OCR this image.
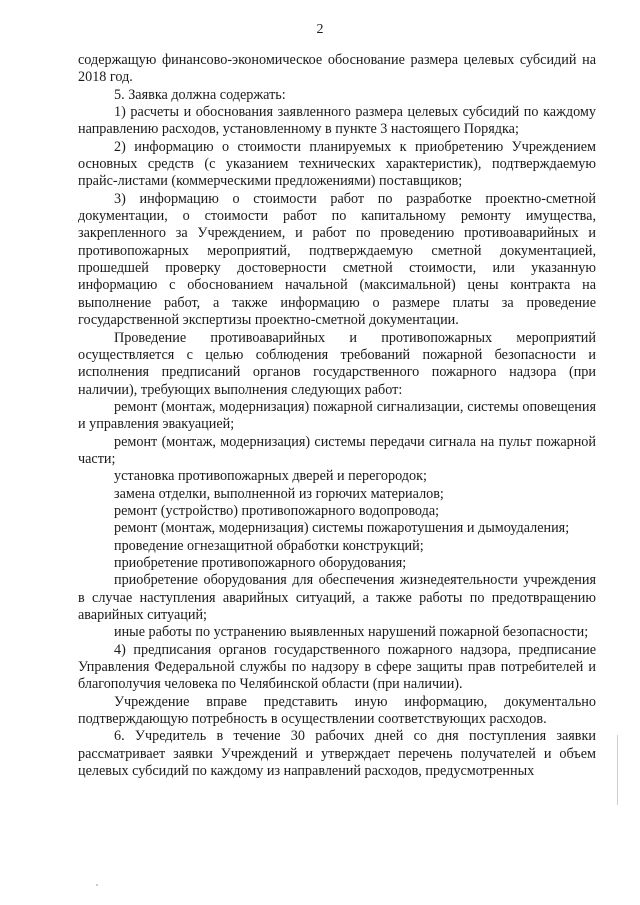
2

содержащую финансово-экономическое обоснование размера целевых субсидий на 2018 год.

5. Заявка должна содержать:

1) расчеты и обоснования заявленного размера целевых субсидий по каждому направлению расходов, установленному в пункте 3 настоящего Порядка;

2) информацию о стоимости планируемых к приобретению Учреждением основных средств (с указанием технических характеристик), подтверждаемую прайс-листами (коммерческими предложениями) поставщиков;

3) информацию о стоимости работ по разработке проектно-сметной документации, о стоимости работ по капитальному ремонту имущества, закрепленного за Учреждением, и работ по проведению противоаварийных и противопожарных мероприятий, подтверждаемую сметной документацией, прошедшей проверку достоверности сметной стоимости, или указанную информацию с обоснованием начальной (максимальной) цены контракта на выполнение работ, а также информацию о размере платы за проведение государственной экспертизы проектно-сметной документации.

Проведение противоаварийных и противопожарных мероприятий осуществляется с целью соблюдения требований пожарной безопасности и исполнения предписаний органов государственного пожарного надзора (при наличии), требующих выполнения следующих работ:

ремонт (монтаж, модернизация) пожарной сигнализации, системы оповещения и управления эвакуацией;

ремонт (монтаж, модернизация) системы передачи сигнала на пульт пожарной части;

установка противопожарных дверей и перегородок;

замена отделки, выполненной из горючих материалов;

ремонт (устройство) противопожарного водопровода;

ремонт (монтаж, модернизация) системы пожаротушения и дымоудаления;

проведение огнезащитной обработки конструкций;

приобретение противопожарного оборудования;

приобретение оборудования для обеспечения жизнедеятельности учреждения в случае наступления аварийных ситуаций, а также работы по предотвращению аварийных ситуаций;

иные работы по устранению выявленных нарушений пожарной безопасности;

4) предписания органов государственного пожарного надзора, предписание Управления Федеральной службы по надзору в сфере защиты прав потребителей и благополучия человека по Челябинской области (при наличии).

Учреждение вправе представить иную информацию, документально подтверждающую потребность в осуществлении соответствующих расходов.

6. Учредитель в течение 30 рабочих дней со дня поступления заявки рассматривает заявки Учреждений и утверждает перечень получателей и объем целевых субсидий по каждому из направлений расходов, предусмотренных
